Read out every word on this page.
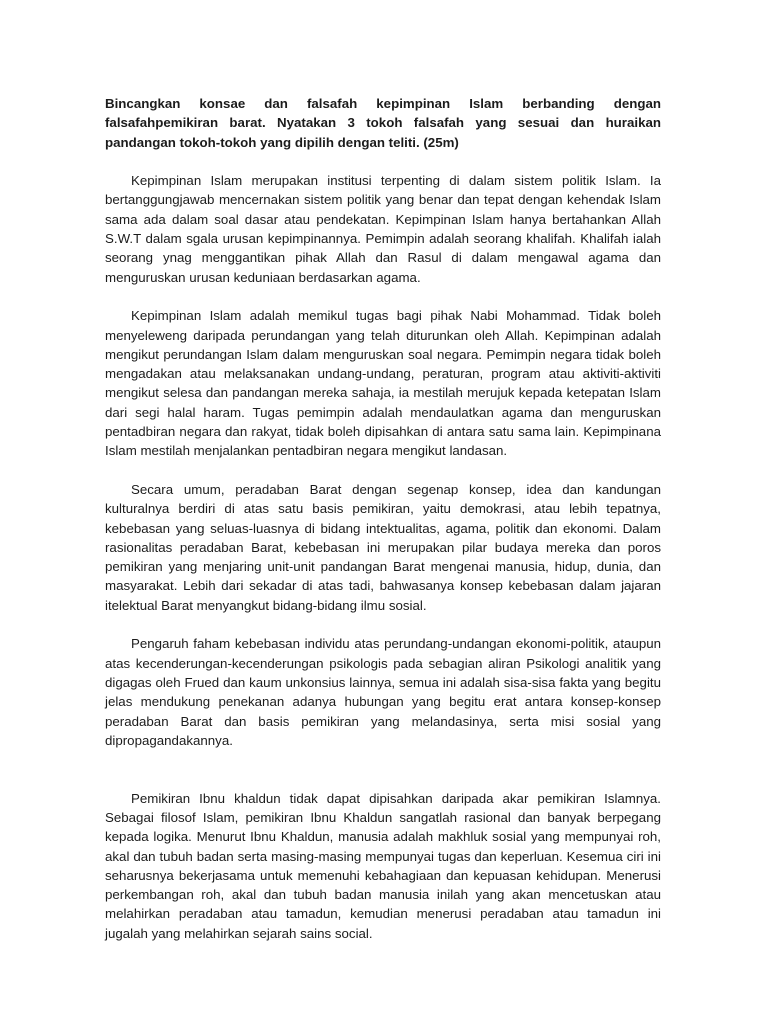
Bincangkan konsae dan falsafah kepimpinan Islam berbanding dengan falsafahpemikiran barat. Nyatakan 3 tokoh falsafah yang sesuai dan huraikan pandangan tokoh-tokoh yang dipilih dengan teliti. (25m)

Kepimpinan Islam merupakan institusi terpenting di dalam sistem politik Islam. Ia bertanggungjawab mencernakan sistem politik yang benar dan tepat dengan kehendak Islam sama ada dalam soal dasar atau pendekatan. Kepimpinan Islam hanya bertahankan Allah S.W.T dalam sgala urusan kepimpinannya. Pemimpin adalah seorang khalifah. Khalifah ialah seorang ynag menggantikan pihak Allah dan Rasul di dalam mengawal agama dan menguruskan urusan keduniaan berdasarkan agama.

Kepimpinan Islam adalah memikul tugas bagi pihak Nabi Mohammad. Tidak boleh menyeleweng daripada perundangan yang telah diturunkan oleh Allah. Kepimpinan adalah mengikut perundangan Islam dalam menguruskan soal negara. Pemimpin negara tidak boleh mengadakan atau melaksanakan undang-undang, peraturan, program atau aktiviti-aktiviti mengikut selesa dan pandangan mereka sahaja, ia mestilah merujuk kepada ketepatan Islam dari segi halal haram. Tugas pemimpin adalah mendaulatkan agama dan menguruskan pentadbiran negara dan rakyat, tidak boleh dipisahkan di antara satu sama lain. Kepimpinana Islam mestilah menjalankan pentadbiran negara mengikut landasan.

Secara umum, peradaban Barat dengan segenap konsep, idea dan kandungan kulturalnya berdiri di atas satu basis pemikiran, yaitu demokrasi, atau lebih tepatnya, kebebasan yang seluas-luasnya di bidang intektualitas, agama, politik dan ekonomi. Dalam rasionalitas peradaban Barat, kebebasan ini merupakan pilar budaya mereka dan poros pemikiran yang menjaring unit-unit pandangan Barat mengenai manusia, hidup, dunia, dan masyarakat. Lebih dari sekadar di atas tadi, bahwasanya konsep kebebasan dalam jajaran itelektual Barat menyangkut bidang-bidang ilmu sosial.

Pengaruh faham kebebasan individu atas perundang-undangan ekonomi-politik, ataupun atas kecenderungan-kecenderungan psikologis pada sebagian aliran Psikologi analitik yang digagas oleh Frued dan kaum unkonsius lainnya, semua ini adalah sisa-sisa fakta yang begitu jelas mendukung penekanan adanya hubungan yang begitu erat antara konsep-konsep peradaban Barat dan basis pemikiran yang melandasinya, serta misi sosial yang dipropagandakannya.

Pemikiran Ibnu khaldun tidak dapat dipisahkan daripada akar pemikiran Islamnya. Sebagai filosof Islam, pemikiran Ibnu Khaldun sangatlah rasional dan banyak berpegang kepada logika. Menurut Ibnu Khaldun, manusia adalah makhluk sosial yang mempunyai roh, akal dan tubuh badan serta masing-masing mempunyai tugas dan keperluan. Kesemua ciri ini seharusnya bekerjasama untuk memenuhi kebahagiaan dan kepuasan kehidupan. Menerusi perkembangan roh, akal dan tubuh badan manusia inilah yang akan mencetuskan atau melahirkan peradaban atau tamadun, kemudian menerusi peradaban atau tamadun ini jugalah yang melahirkan sejarah sains social.
